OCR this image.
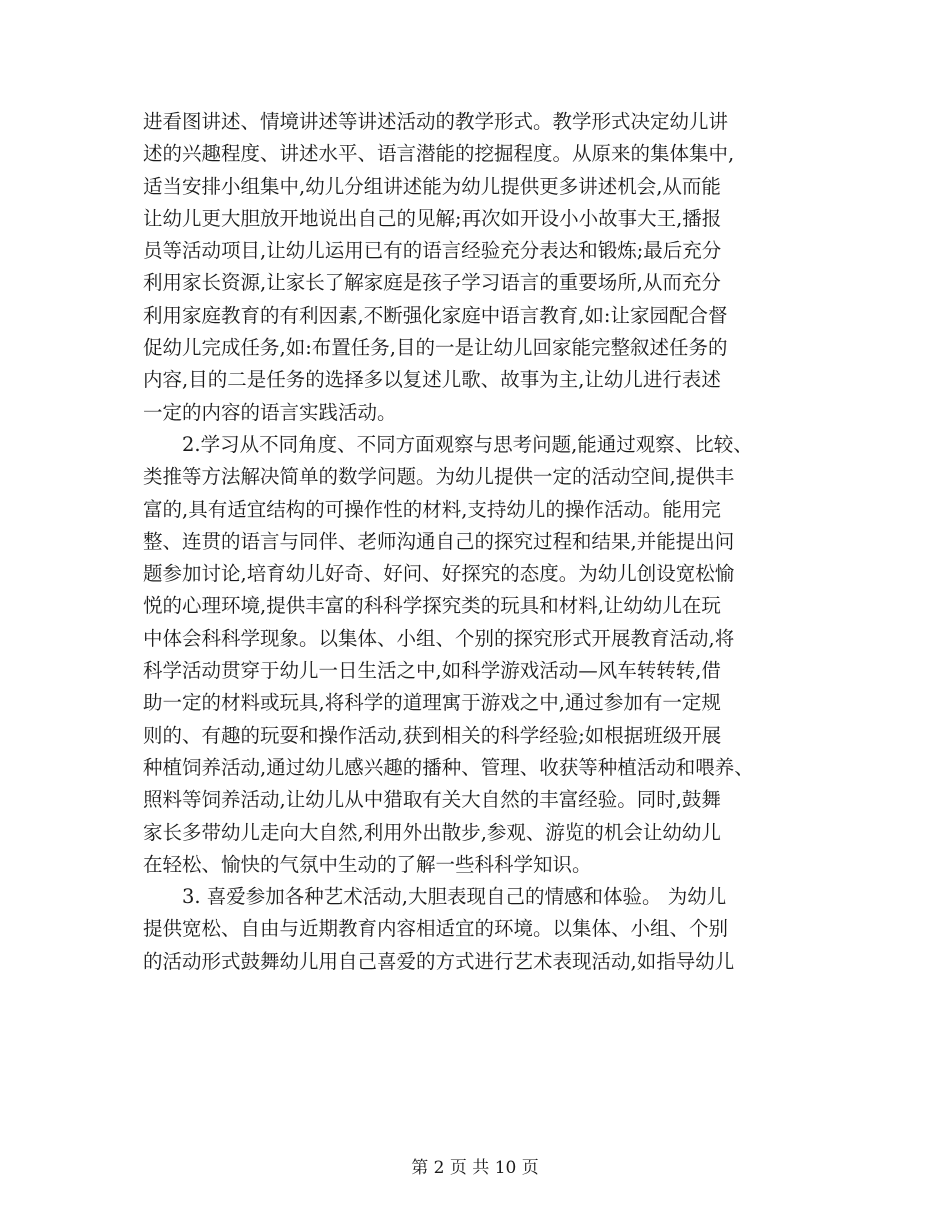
进看图讲述、情境讲述等讲述活动的教学形式。教学形式决定幼儿讲
述的兴趣程度、讲述水平、语言潜能的挖掘程度。从原来的集体集中,
适当安排小组集中,幼儿分组讲述能为幼儿提供更多讲述机会,从而能
让幼儿更大胆放开地说出自己的见解;再次如开设小小故事大王,播报
员等活动项目,让幼儿运用已有的语言经验充分表达和锻炼;最后充分
利用家长资源,让家长了解家庭是孩子学习语言的重要场所,从而充分
利用家庭教育的有利因素,不断强化家庭中语言教育,如:让家园配合督
促幼儿完成任务,如:布置任务,目的一是让幼儿回家能完整叙述任务的
内容,目的二是任务的选择多以复述儿歌、故事为主,让幼儿进行表述
一定的内容的语言实践活动。
　　2.学习从不同角度、不同方面观察与思考问题,能通过观察、比较、
类推等方法解决简单的数学问题。为幼儿提供一定的活动空间,提供丰
富的,具有适宜结构的可操作性的材料,支持幼儿的操作活动。能用完
整、连贯的语言与同伴、老师沟通自己的探究过程和结果,并能提出问
题参加讨论,培育幼儿好奇、好问、好探究的态度。为幼儿创设宽松愉
悦的心理环境,提供丰富的科科学探究类的玩具和材料,让幼幼儿在玩
中体会科科学现象。以集体、小组、个别的探究形式开展教育活动,将
科学活动贯穿于幼儿一日生活之中,如科学游戏活动—风车转转转,借
助一定的材料或玩具,将科学的道理寓于游戏之中,通过参加有一定规
则的、有趣的玩耍和操作活动,获到相关的科学经验;如根据班级开展
种植饲养活动,通过幼儿感兴趣的播种、管理、收获等种植活动和喂养、
照料等饲养活动,让幼儿从中猎取有关大自然的丰富经验。同时,鼓舞
家长多带幼儿走向大自然,利用外出散步,参观、游览的机会让幼幼儿
在轻松、愉快的气氛中生动的了解一些科科学知识。
　　3. 喜爱参加各种艺术活动,大胆表现自己的情感和体验。 为幼儿
提供宽松、自由与近期教育内容相适宜的环境。以集体、小组、个别
的活动形式鼓舞幼儿用自己喜爱的方式进行艺术表现活动,如指导幼儿
第 2 页 共 10 页
